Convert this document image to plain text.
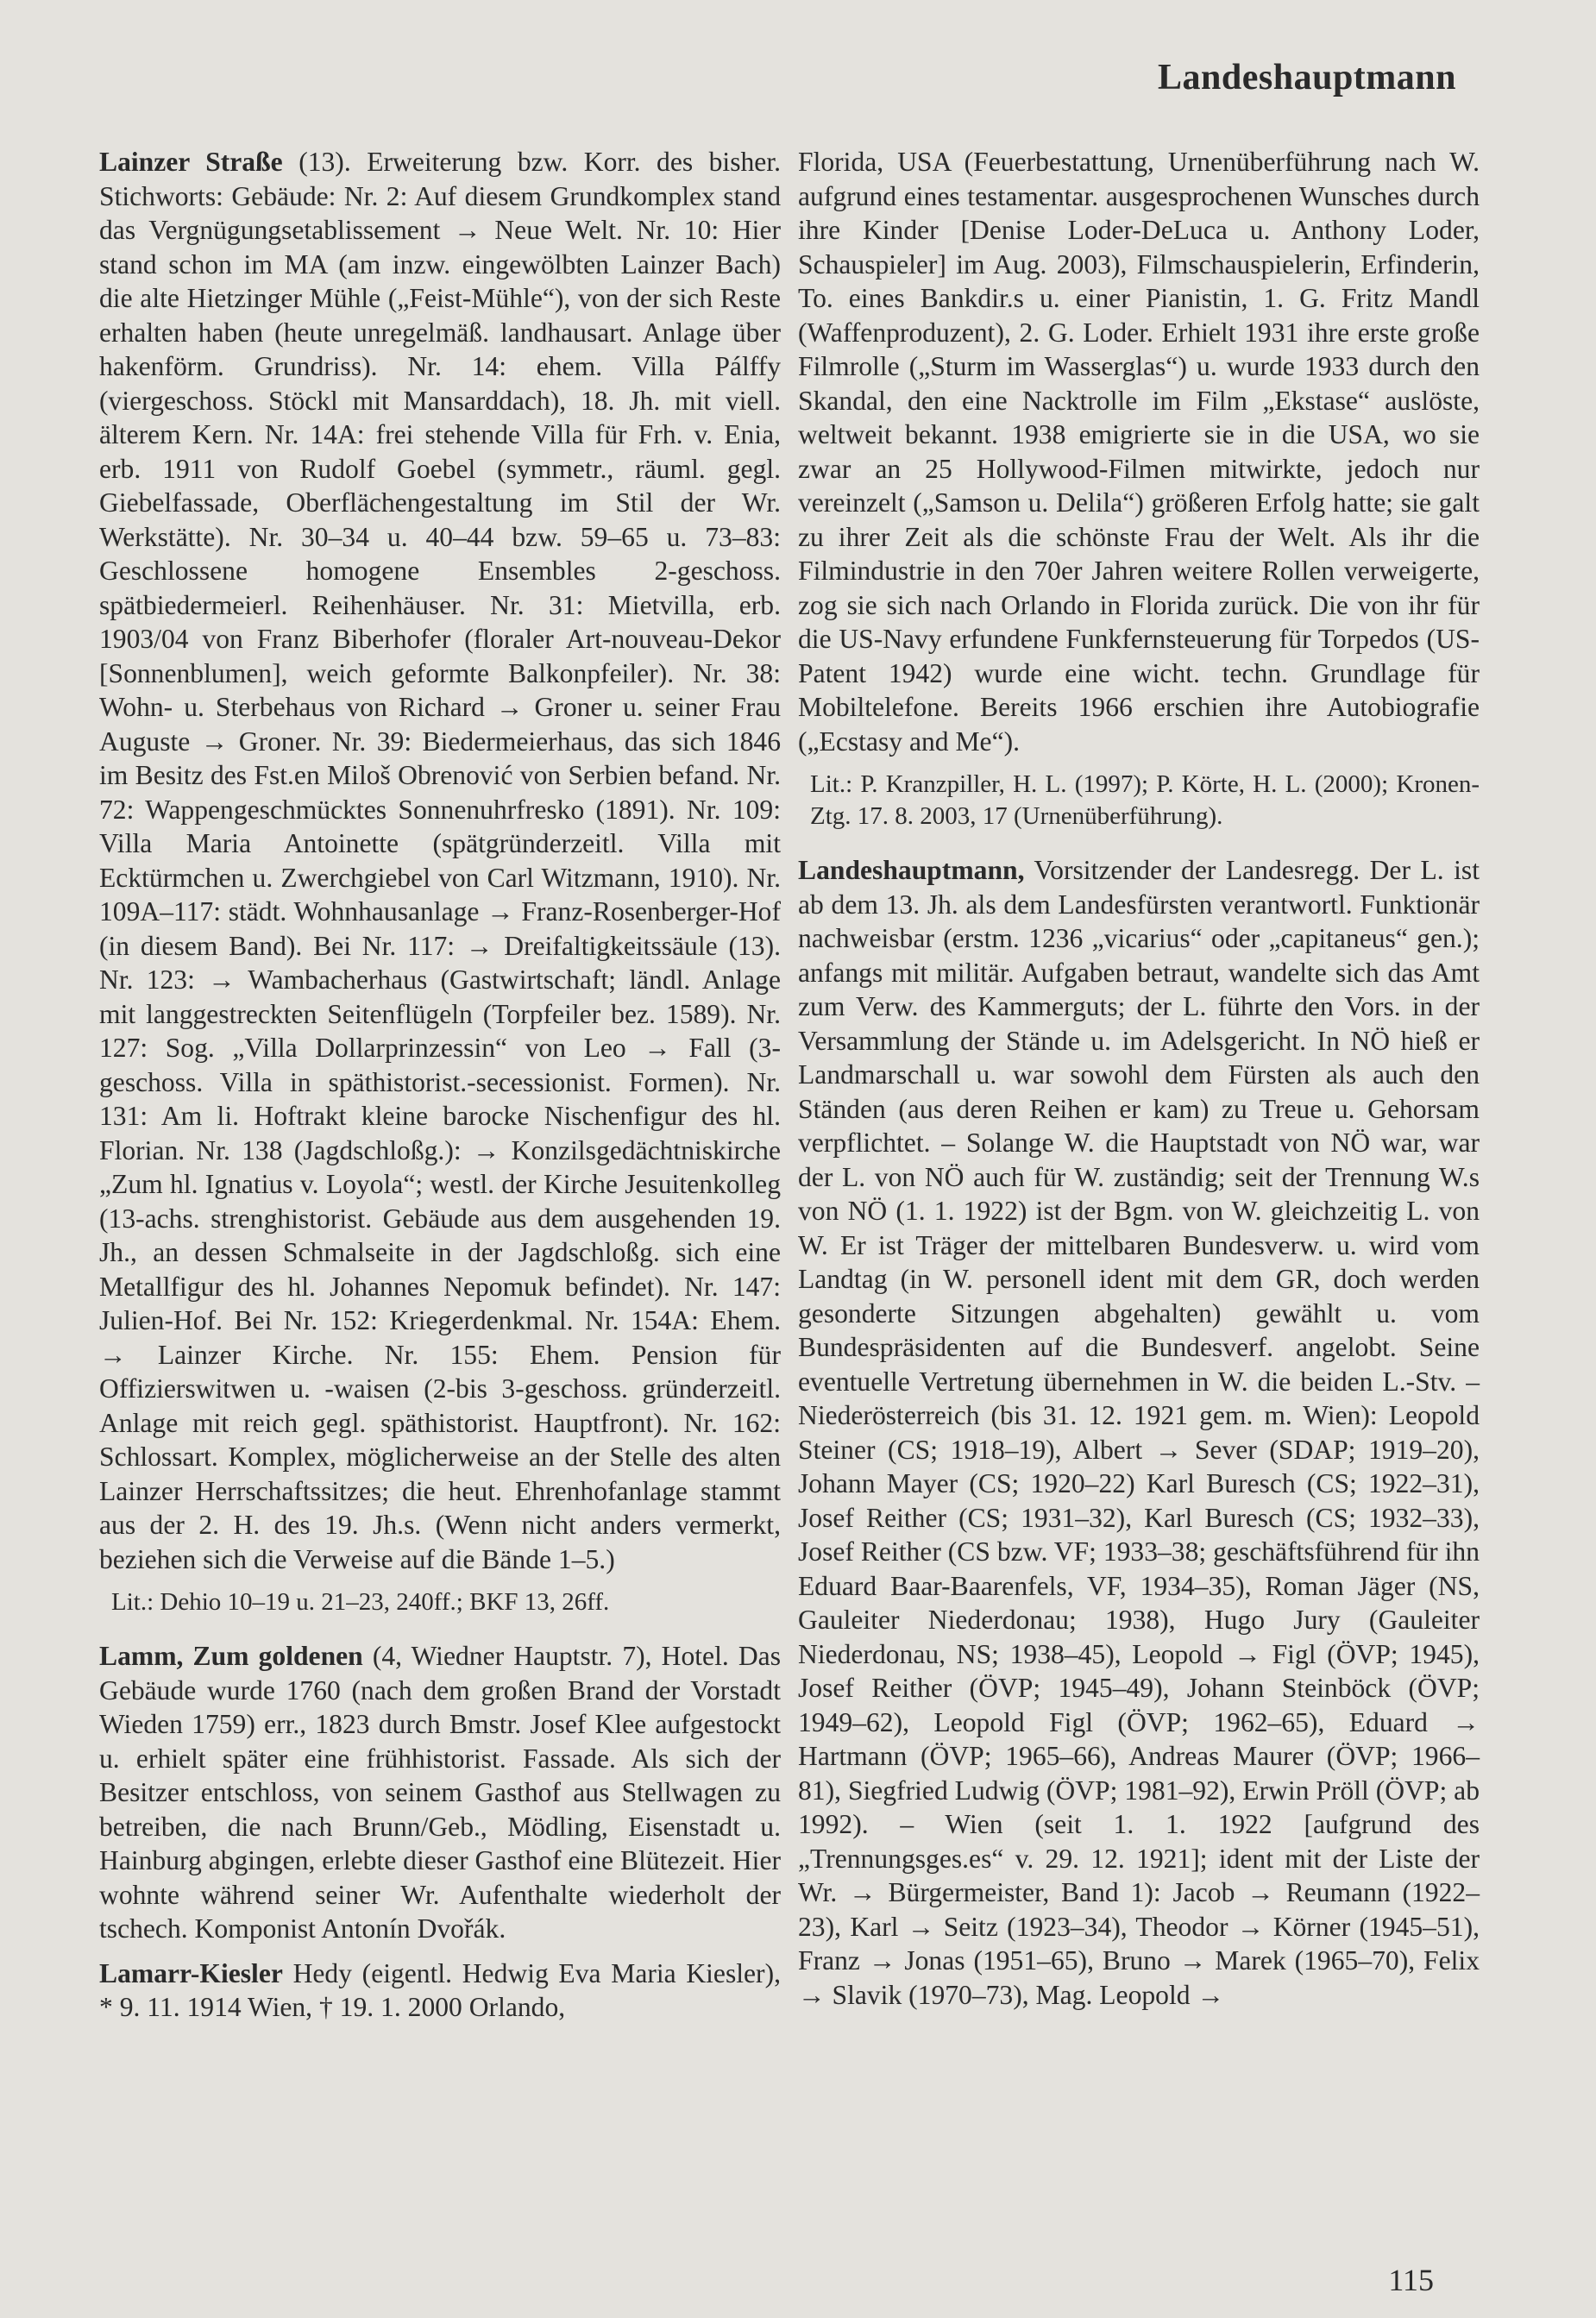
Landeshauptmann

Lainzer Straße (13). Erweiterung bzw. Korr. des bisher. Stichworts: Gebäude: Nr. 2: Auf diesem Grundkomplex stand das Vergnügungsetablissement → Neue Welt. Nr. 10: Hier stand schon im MA (am inzw. eingewölbten Lainzer Bach) die alte Hietzinger Mühle („Feist-Mühle“), von der sich Reste erhalten haben (heute unregelmäß. landhausart. Anlage über hakenförm. Grundriss). Nr. 14: ehem. Villa Pálffy (viergeschoss. Stöckl mit Mansarddach), 18. Jh. mit viell. älterem Kern. Nr. 14A: frei stehende Villa für Frh. v. Enia, erb. 1911 von Rudolf Goebel (symmetr., räuml. gegl. Giebelfassade, Oberflächengestaltung im Stil der Wr. Werkstätte). Nr. 30–34 u. 40–44 bzw. 59–65 u. 73–83: Geschlossene homogene Ensembles 2-geschoss. spätbiedermeierl. Reihenhäuser. Nr. 31: Mietvilla, erb. 1903/04 von Franz Biberhofer (floraler Art-nouveau-Dekor [Sonnenblumen], weich geformte Balkonpfeiler). Nr. 38: Wohn- u. Sterbehaus von Richard → Groner u. seiner Frau Auguste → Groner. Nr. 39: Biedermeierhaus, das sich 1846 im Besitz des Fst.en Miloš Obrenović von Serbien befand. Nr. 72: Wappengeschmücktes Sonnenuhrfresko (1891). Nr. 109: Villa Maria Antoinette (spätgründerzeitl. Villa mit Ecktürmchen u. Zwerchgiebel von Carl Witzmann, 1910). Nr. 109A–117: städt. Wohnhausanlage → Franz-Rosenberger-Hof (in diesem Band). Bei Nr. 117: → Dreifaltigkeitssäule (13). Nr. 123: → Wambacherhaus (Gastwirtschaft; ländl. Anlage mit langgestreckten Seitenflügeln (Torpfeiler bez. 1589). Nr. 127: Sog. „Villa Dollarprinzessin“ von Leo → Fall (3-geschoss. Villa in späthistorist.-secessionist. Formen). Nr. 131: Am li. Hoftrakt kleine barocke Nischenfigur des hl. Florian. Nr. 138 (Jagdschloßg.): → Konzilsgedächtniskirche „Zum hl. Ignatius v. Loyola“; westl. der Kirche Jesuitenkolleg (13-achs. strenghistorist. Gebäude aus dem ausgehenden 19. Jh., an dessen Schmalseite in der Jagdschloßg. sich eine Metallfigur des hl. Johannes Nepomuk befindet). Nr. 147: Julien-Hof. Bei Nr. 152: Kriegerdenkmal. Nr. 154A: Ehem. → Lainzer Kirche. Nr. 155: Ehem. Pension für Offizierswitwen u. -waisen (2-bis 3-geschoss. gründerzeitl. Anlage mit reich gegl. späthistorist. Hauptfront). Nr. 162: Schlossart. Komplex, möglicherweise an der Stelle des alten Lainzer Herrschaftssitzes; die heut. Ehrenhofanlage stammt aus der 2. H. des 19. Jh.s. (Wenn nicht anders vermerkt, beziehen sich die Verweise auf die Bände 1–5.)

Lit.: Dehio 10–19 u. 21–23, 240ff.; BKF 13, 26ff.

Lamm, Zum goldenen (4, Wiedner Hauptstr. 7), Hotel. Das Gebäude wurde 1760 (nach dem großen Brand der Vorstadt Wieden 1759) err., 1823 durch Bmstr. Josef Klee aufgestockt u. erhielt später eine frühhistorist. Fassade. Als sich der Besitzer entschloss, von seinem Gasthof aus Stellwagen zu betreiben, die nach Brunn/Geb., Mödling, Eisenstadt u. Hainburg abgingen, erlebte dieser Gasthof eine Blütezeit. Hier wohnte während seiner Wr. Aufenthalte wiederholt der tschech. Komponist Antonín Dvořák.

Lamarr-Kiesler Hedy (eigentl. Hedwig Eva Maria Kiesler), * 9. 11. 1914 Wien, † 19. 1. 2000 Orlando,

Florida, USA (Feuerbestattung, Urnenüberführung nach W. aufgrund eines testamentar. ausgesprochenen Wunsches durch ihre Kinder [Denise Loder-DeLuca u. Anthony Loder, Schauspieler] im Aug. 2003), Filmschauspielerin, Erfinderin, To. eines Bankdir.s u. einer Pianistin, 1. G. Fritz Mandl (Waffenproduzent), 2. G. Loder. Erhielt 1931 ihre erste große Filmrolle („Sturm im Wasserglas“) u. wurde 1933 durch den Skandal, den eine Nacktrolle im Film „Ekstase“ auslöste, weltweit bekannt. 1938 emigrierte sie in die USA, wo sie zwar an 25 Hollywood-Filmen mitwirkte, jedoch nur vereinzelt („Samson u. Delila“) größeren Erfolg hatte; sie galt zu ihrer Zeit als die schönste Frau der Welt. Als ihr die Filmindustrie in den 70er Jahren weitere Rollen verweigerte, zog sie sich nach Orlando in Florida zurück. Die von ihr für die US-Navy erfundene Funkfernsteuerung für Torpedos (US-Patent 1942) wurde eine wicht. techn. Grundlage für Mobiltelefone. Bereits 1966 erschien ihre Autobiografie („Ecstasy and Me“).

Lit.: P. Kranzpiller, H. L. (1997); P. Körte, H. L. (2000); Kronen-Ztg. 17. 8. 2003, 17 (Urnenüberführung).

Landeshauptmann, Vorsitzender der Landesregg. Der L. ist ab dem 13. Jh. als dem Landesfürsten verantwortl. Funktionär nachweisbar (erstm. 1236 „vicarius“ oder „capitaneus“ gen.); anfangs mit militär. Aufgaben betraut, wandelte sich das Amt zum Verw. des Kammerguts; der L. führte den Vors. in der Versammlung der Stände u. im Adelsgericht. In NÖ hieß er Landmarschall u. war sowohl dem Fürsten als auch den Ständen (aus deren Reihen er kam) zu Treue u. Gehorsam verpflichtet. – Solange W. die Hauptstadt von NÖ war, war der L. von NÖ auch für W. zuständig; seit der Trennung W.s von NÖ (1. 1. 1922) ist der Bgm. von W. gleichzeitig L. von W. Er ist Träger der mittelbaren Bundesverw. u. wird vom Landtag (in W. personell ident mit dem GR, doch werden gesonderte Sitzungen abgehalten) gewählt u. vom Bundespräsidenten auf die Bundesverf. angelobt. Seine eventuelle Vertretung übernehmen in W. die beiden L.-Stv. – Niederösterreich (bis 31. 12. 1921 gem. m. Wien): Leopold Steiner (CS; 1918–19), Albert → Sever (SDAP; 1919–20), Johann Mayer (CS; 1920–22) Karl Buresch (CS; 1922–31), Josef Reither (CS; 1931–32), Karl Buresch (CS; 1932–33), Josef Reither (CS bzw. VF; 1933–38; geschäftsführend für ihn Eduard Baar-Baarenfels, VF, 1934–35), Roman Jäger (NS, Gauleiter Niederdonau; 1938), Hugo Jury (Gauleiter Niederdonau, NS; 1938–45), Leopold → Figl (ÖVP; 1945), Josef Reither (ÖVP; 1945–49), Johann Steinböck (ÖVP; 1949–62), Leopold Figl (ÖVP; 1962–65), Eduard → Hartmann (ÖVP; 1965–66), Andreas Maurer (ÖVP; 1966–81), Siegfried Ludwig (ÖVP; 1981–92), Erwin Pröll (ÖVP; ab 1992). – Wien (seit 1. 1. 1922 [aufgrund des „Trennungsges.es“ v. 29. 12. 1921]; ident mit der Liste der Wr. → Bürgermeister, Band 1): Jacob → Reumann (1922–23), Karl → Seitz (1923–34), Theodor → Körner (1945–51), Franz → Jonas (1951–65), Bruno → Marek (1965–70), Felix → Slavik (1970–73), Mag. Leopold →

115
